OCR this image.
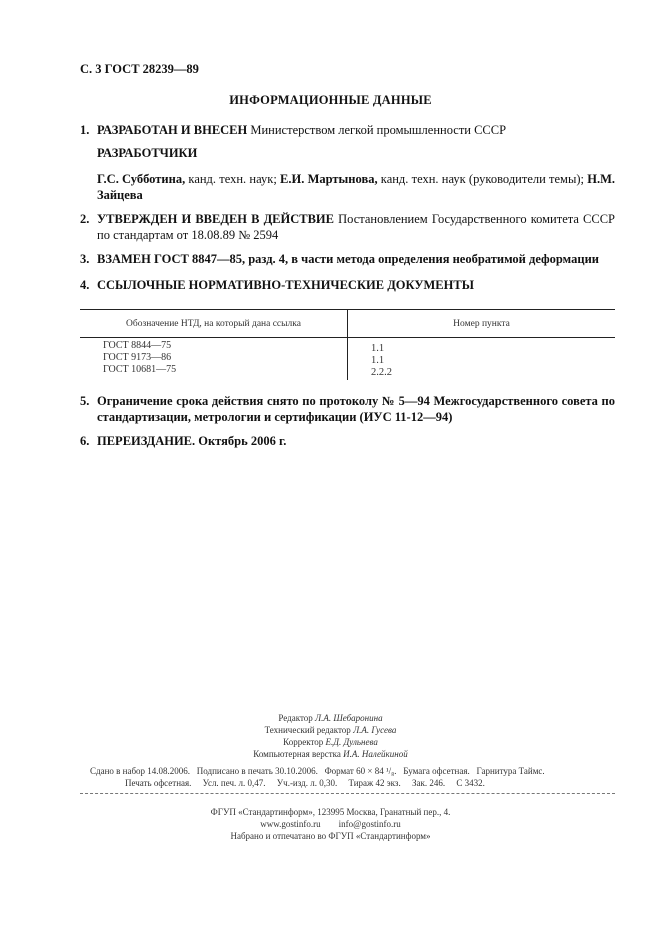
С. 3 ГОСТ 28239—89
ИНФОРМАЦИОННЫЕ ДАННЫЕ
1. РАЗРАБОТАН И ВНЕСЕН Министерством легкой промышленности СССР
РАЗРАБОТЧИКИ
Г.С. Субботина, канд. техн. наук; Е.И. Мартынова, канд. техн. наук (руководители темы); Н.М. Зайцева
2. УТВЕРЖДЕН И ВВЕДЕН В ДЕЙСТВИЕ Постановлением Государственного комитета СССР по стандартам от 18.08.89 № 2594
3. ВЗАМЕН ГОСТ 8847—85, разд. 4, в части метода определения необратимой деформации
4. ССЫЛОЧНЫЕ НОРМАТИВНО-ТЕХНИЧЕСКИЕ ДОКУМЕНТЫ
Обозначение НТД, на который дана ссылка	Номер пункта
ГОСТ 8844—75
ГОСТ 9173—86
ГОСТ 10681—75
1.1
1.1
2.2.2
5. Ограничение срока действия снято по протоколу № 5—94 Межгосударственного совета по стандартизации, метрологии и сертификации (ИУС 11-12—94)
6. ПЕРЕИЗДАНИЕ. Октябрь 2006 г.
Редактор Л.А. Шебаронина
Технический редактор Л.А. Гусева
Корректор Е.Д. Дульнева
Компьютерная верстка И.А. Налейкиной
Сдано в набор 14.08.2006.   Подписано в печать 30.10.2006.   Формат 60 × 84 ¹/₈.   Бумага офсетная.   Гарнитура Таймс.
Печать офсетная.     Усл. печ. л. 0,47.     Уч.-изд. л. 0,30.     Тираж 42 экз.     Зак. 246.     С 3432.
ФГУП «Стандартинформ», 123995 Москва, Гранатный пер., 4.
www.gostinfo.ru        info@gostinfo.ru
Набрано и отпечатано во ФГУП «Стандартинформ»
